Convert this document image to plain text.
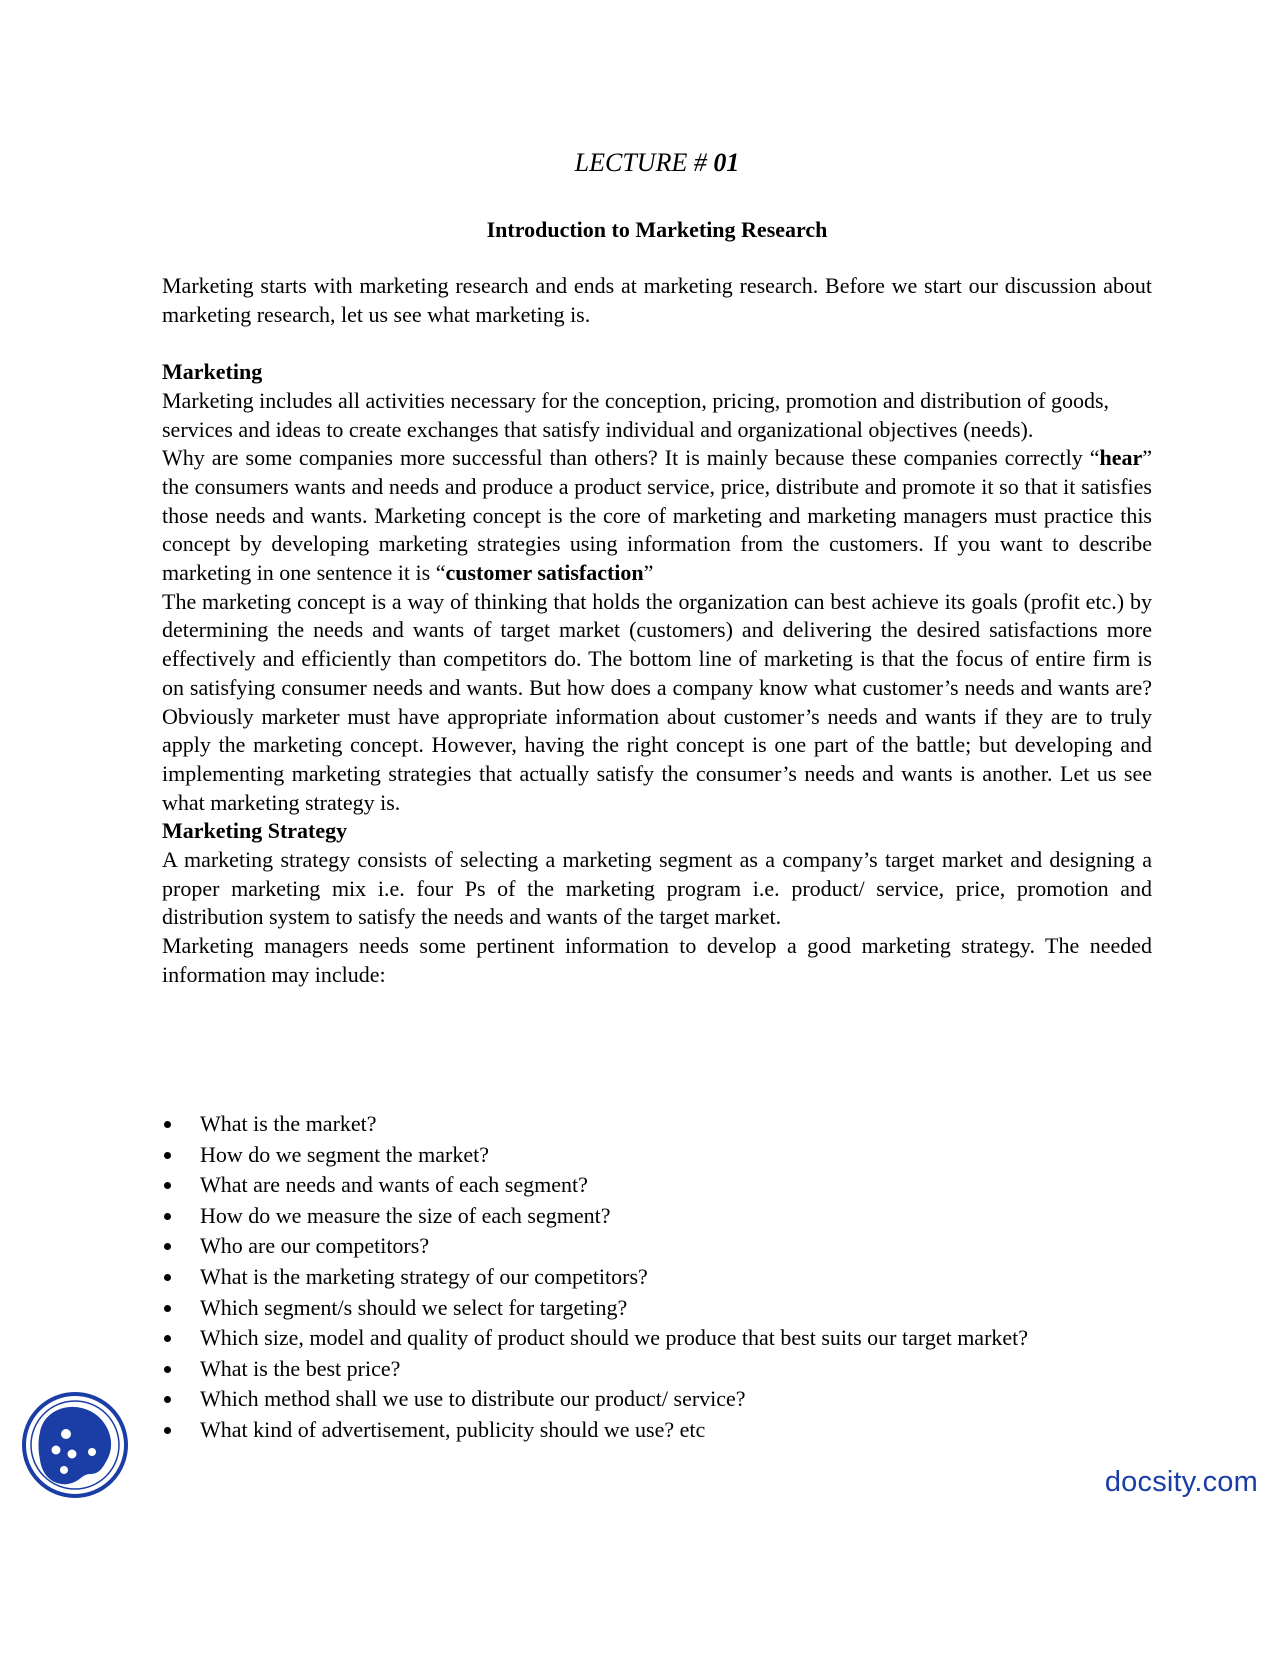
LECTURE # 01
Introduction to Marketing Research

Marketing starts with marketing research and ends at marketing research. Before we start our discussion about marketing research, let us see what marketing is.

Marketing

Marketing includes all activities necessary for the conception, pricing, promotion and distribution of goods, services and ideas to create exchanges that satisfy individual and organizational objectives (needs).

Why are some companies more successful than others? It is mainly because these companies correctly “hear” the consumers wants and needs and produce a product service, price, distribute and promote it so that it satisfies those needs and wants. Marketing concept is the core of marketing and marketing managers must practice this concept by developing marketing strategies using information from the customers. If you want to describe marketing in one sentence it is “customer satisfaction”

The marketing concept is a way of thinking that holds the organization can best achieve its goals (profit etc.) by determining the needs and wants of target market (customers) and delivering the desired satisfactions more effectively and efficiently than competitors do. The bottom line of marketing is that the focus of entire firm is on satisfying consumer needs and wants. But how does a company know what customer’s needs and wants are? Obviously marketer must have appropriate information about customer’s needs and wants if they are to truly apply the marketing concept. However, having the right concept is one part of the battle; but developing and implementing marketing strategies that actually satisfy the consumer’s needs and wants is another. Let us see what marketing strategy is.

Marketing Strategy

A marketing strategy consists of selecting a marketing segment as a company’s target market and designing a proper marketing mix i.e. four Ps of the marketing program i.e. product/ service, price, promotion and distribution system to satisfy the needs and wants of the target market.

Marketing managers needs some pertinent information to develop a good marketing strategy. The needed information may include:

What is the market?
How do we segment the market?
What are needs and wants of each segment?
How do we measure the size of each segment?
Who are our competitors?
What is the marketing strategy of our competitors?
Which segment/s should we select for targeting?
Which size, model and quality of product should we produce that best suits our target market?
What is the best price?
Which method shall we use to distribute our product/ service?
What kind of advertisement, publicity should we use? etc
docsity.com
